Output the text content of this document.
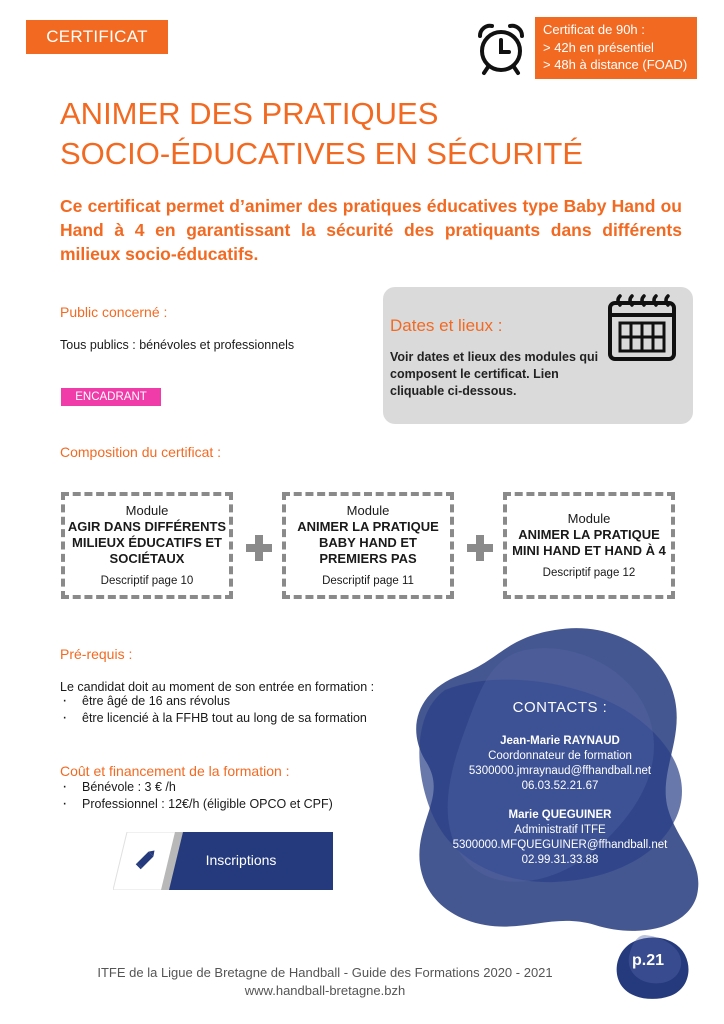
CERTIFICAT	Certificat de 90h :
> 42h en présentiel
> 48h à distance (FOAD)
ANIMER DES PRATIQUES
SOCIO-ÉDUCATIVES EN SÉCURITÉ
Ce certificat permet d’animer des pratiques éducatives type Baby Hand ou Hand à 4 en garantissant la sécurité des pratiquants dans différents milieux socio-éducatifs.
Public concerné :
Tous publics : bénévoles et professionnels
ENCADRANT
Dates et lieux :
Voir dates et lieux des modules qui composent le certificat. Lien cliquable ci-dessous.
Composition du certificat :
Module
AGIR DANS DIFFÉRENTS MILIEUX ÉDUCATIFS ET SOCIÉTAUX
Descriptif page 10
Module
ANIMER LA PRATIQUE BABY HAND ET PREMIERS PAS
Descriptif page 11
Module
ANIMER LA PRATIQUE MINI HAND ET HAND À 4
Descriptif page 12
Pré-requis :
Le candidat doit au moment de son entrée en formation :
· être âgé de 16 ans révolus
· être licencié à la FFHB tout au long de sa formation
Coût et financement de la formation :
· Bénévole : 3 € /h
· Professionnel : 12€/h (éligible OPCO et CPF)
Inscriptions
CONTACTS :
Jean-Marie RAYNAUD
Coordonnateur de formation
5300000.jmraynaud@ffhandball.net
06.03.52.21.67
Marie QUEGUINER
Administratif ITFE
5300000.MFQUEGUINER@ffhandball.net
02.99.31.33.88
ITFE de la Ligue de Bretagne de Handball - Guide des Formations 2020 - 2021
www.handball-bretagne.bzh
p.21
